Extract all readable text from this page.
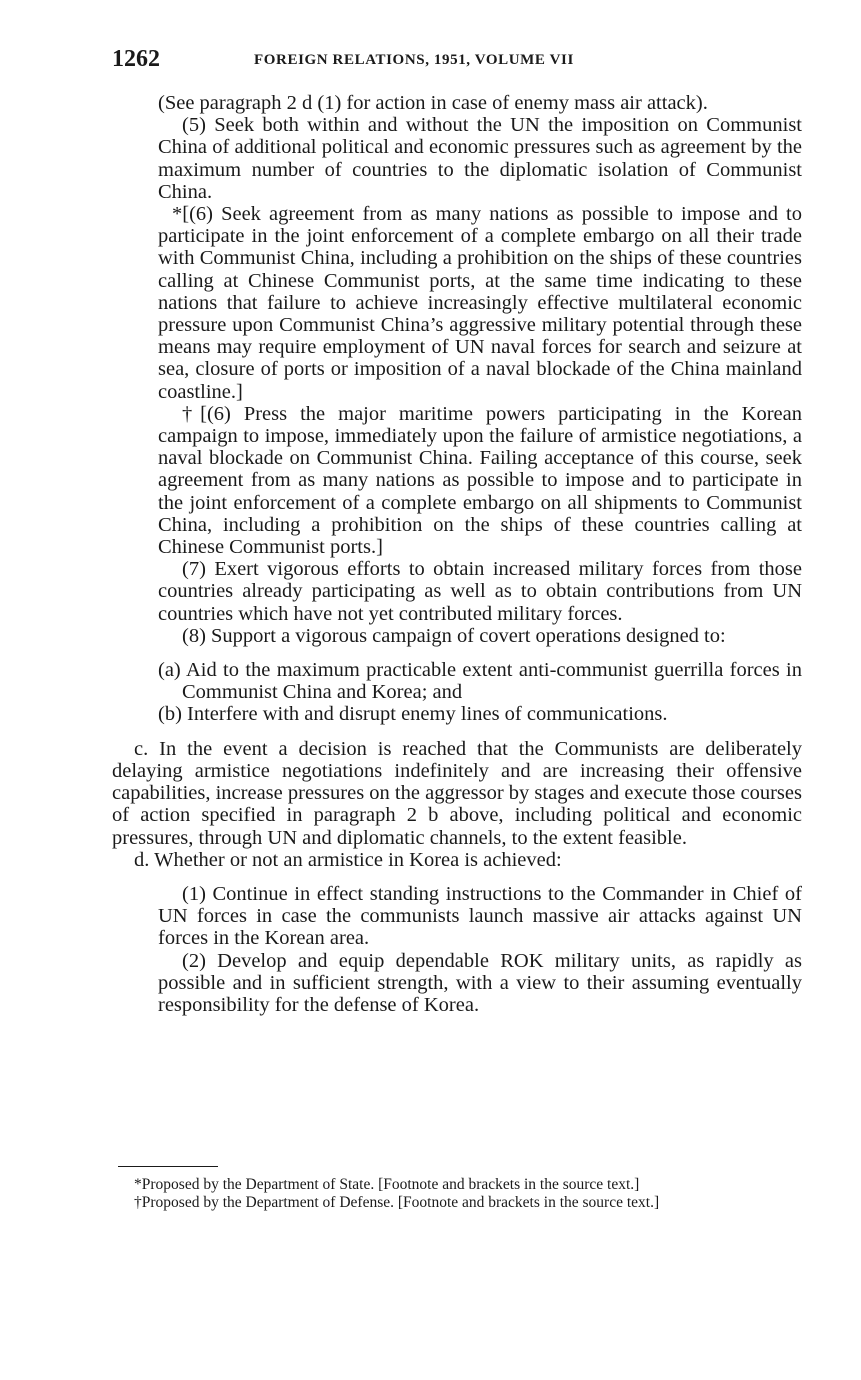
1262	FOREIGN RELATIONS, 1951, VOLUME VII

(See paragraph 2 d (1) for action in case of enemy mass air attack).

(5) Seek both within and without the UN the imposition on Communist China of additional political and economic pressures such as agreement by the maximum number of countries to the diplomatic isolation of Communist China.

*[(6) Seek agreement from as many nations as possible to impose and to participate in the joint enforcement of a complete embargo on all their trade with Communist China, including a prohibition on the ships of these countries calling at Chinese Communist ports, at the same time indicating to these nations that failure to achieve increasingly effective multilateral economic pressure upon Communist China’s aggressive military potential through these means may require employment of UN naval forces for search and seizure at sea, closure of ports or imposition of a naval blockade of the China mainland coastline.]

†[(6) Press the major maritime powers participating in the Korean campaign to impose, immediately upon the failure of armistice negotiations, a naval blockade on Communist China. Failing acceptance of this course, seek agreement from as many nations as possible to impose and to participate in the joint enforcement of a complete embargo on all shipments to Communist China, including a prohibition on the ships of these countries calling at Chinese Communist ports.]

(7) Exert vigorous efforts to obtain increased military forces from those countries already participating as well as to obtain contributions from UN countries which have not yet contributed military forces.

(8) Support a vigorous campaign of covert operations designed to:

(a) Aid to the maximum practicable extent anti-communist guerrilla forces in Communist China and Korea; and

(b) Interfere with and disrupt enemy lines of communications.

c. In the event a decision is reached that the Communists are deliberately delaying armistice negotiations indefinitely and are increasing their offensive capabilities, increase pressures on the aggressor by stages and execute those courses of action specified in paragraph 2 b above, including political and economic pressures, through UN and diplomatic channels, to the extent feasible.

d. Whether or not an armistice in Korea is achieved:

(1) Continue in effect standing instructions to the Commander in Chief of UN forces in case the communists launch massive air attacks against UN forces in the Korean area.

(2) Develop and equip dependable ROK military units, as rapidly as possible and in sufficient strength, with a view to their assuming eventually responsibility for the defense of Korea.

*Proposed by the Department of State. [Footnote and brackets in the source text.]

†Proposed by the Department of Defense. [Footnote and brackets in the source text.]
